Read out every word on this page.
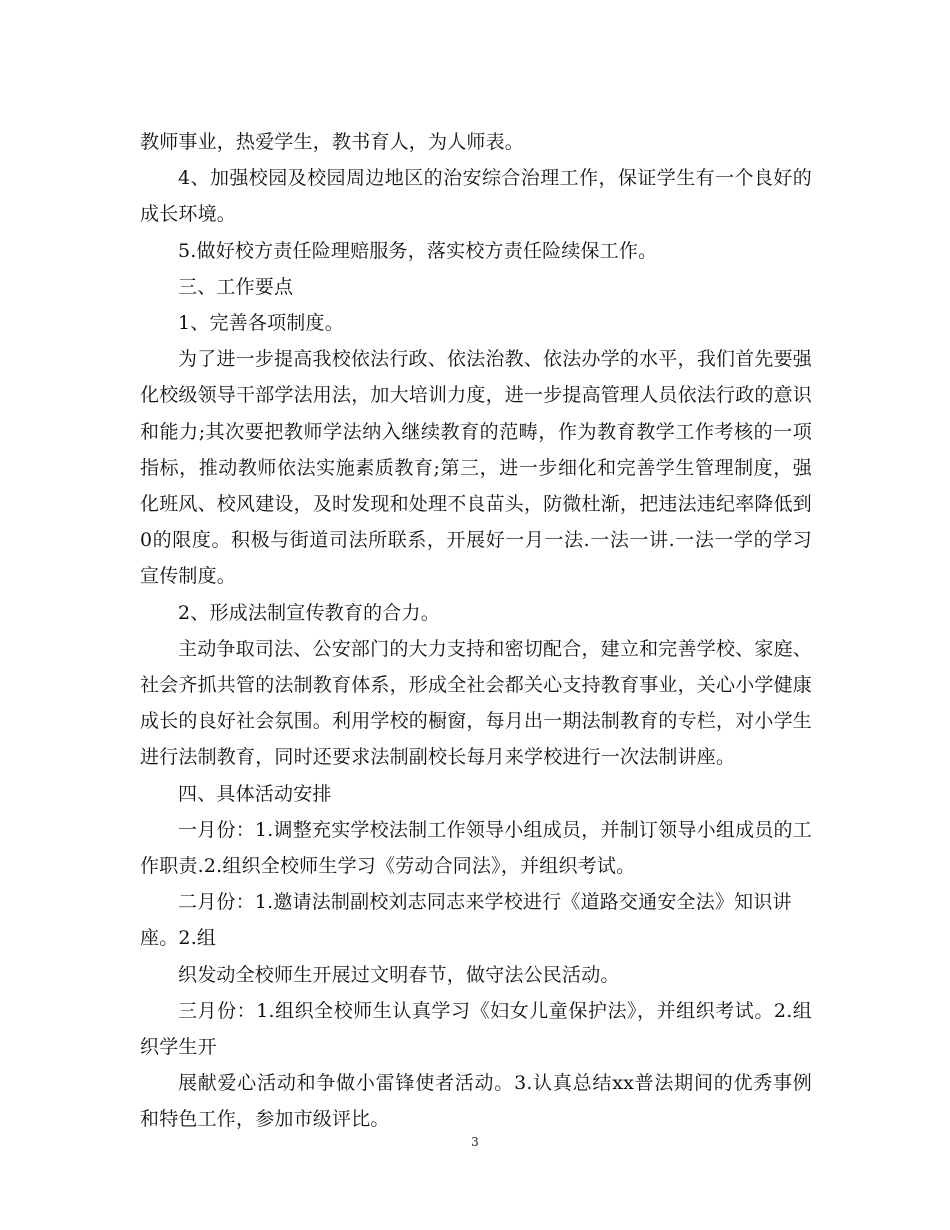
教师事业，热爱学生，教书育人，为人师表。

4、加强校园及校园周边地区的治安综合治理工作，保证学生有一个良好的成长环境。

5.做好校方责任险理赔服务，落实校方责任险续保工作。

三、工作要点

1、完善各项制度。

为了进一步提高我校依法行政、依法治教、依法办学的水平，我们首先要强化校级领导干部学法用法，加大培训力度，进一步提高管理人员依法行政的意识和能力;其次要把教师学法纳入继续教育的范畴，作为教育教学工作考核的一项指标，推动教师依法实施素质教育;第三，进一步细化和完善学生管理制度，强化班风、校风建设，及时发现和处理不良苗头，防微杜渐，把违法违纪率降低到0的限度。积极与街道司法所联系，开展好一月一法.一法一讲.一法一学的学习宣传制度。

2、形成法制宣传教育的合力。

主动争取司法、公安部门的大力支持和密切配合，建立和完善学校、家庭、社会齐抓共管的法制教育体系，形成全社会都关心支持教育事业，关心小学健康成长的良好社会氛围。利用学校的橱窗，每月出一期法制教育的专栏，对小学生进行法制教育，同时还要求法制副校长每月来学校进行一次法制讲座。

四、具体活动安排

一月份：1.调整充实学校法制工作领导小组成员，并制订领导小组成员的工作职责.2.组织全校师生学习《劳动合同法》，并组织考试。

二月份：1.邀请法制副校刘志同志来学校进行《道路交通安全法》知识讲

座。2.组

织发动全校师生开展过文明春节，做守法公民活动。

三月份：1.组织全校师生认真学习《妇女儿童保护法》，并组织考试。2.组织学生开

展献爱心活动和争做小雷锋使者活动。3.认真总结xx普法期间的优秀事例和特色工作，参加市级评比。

3
